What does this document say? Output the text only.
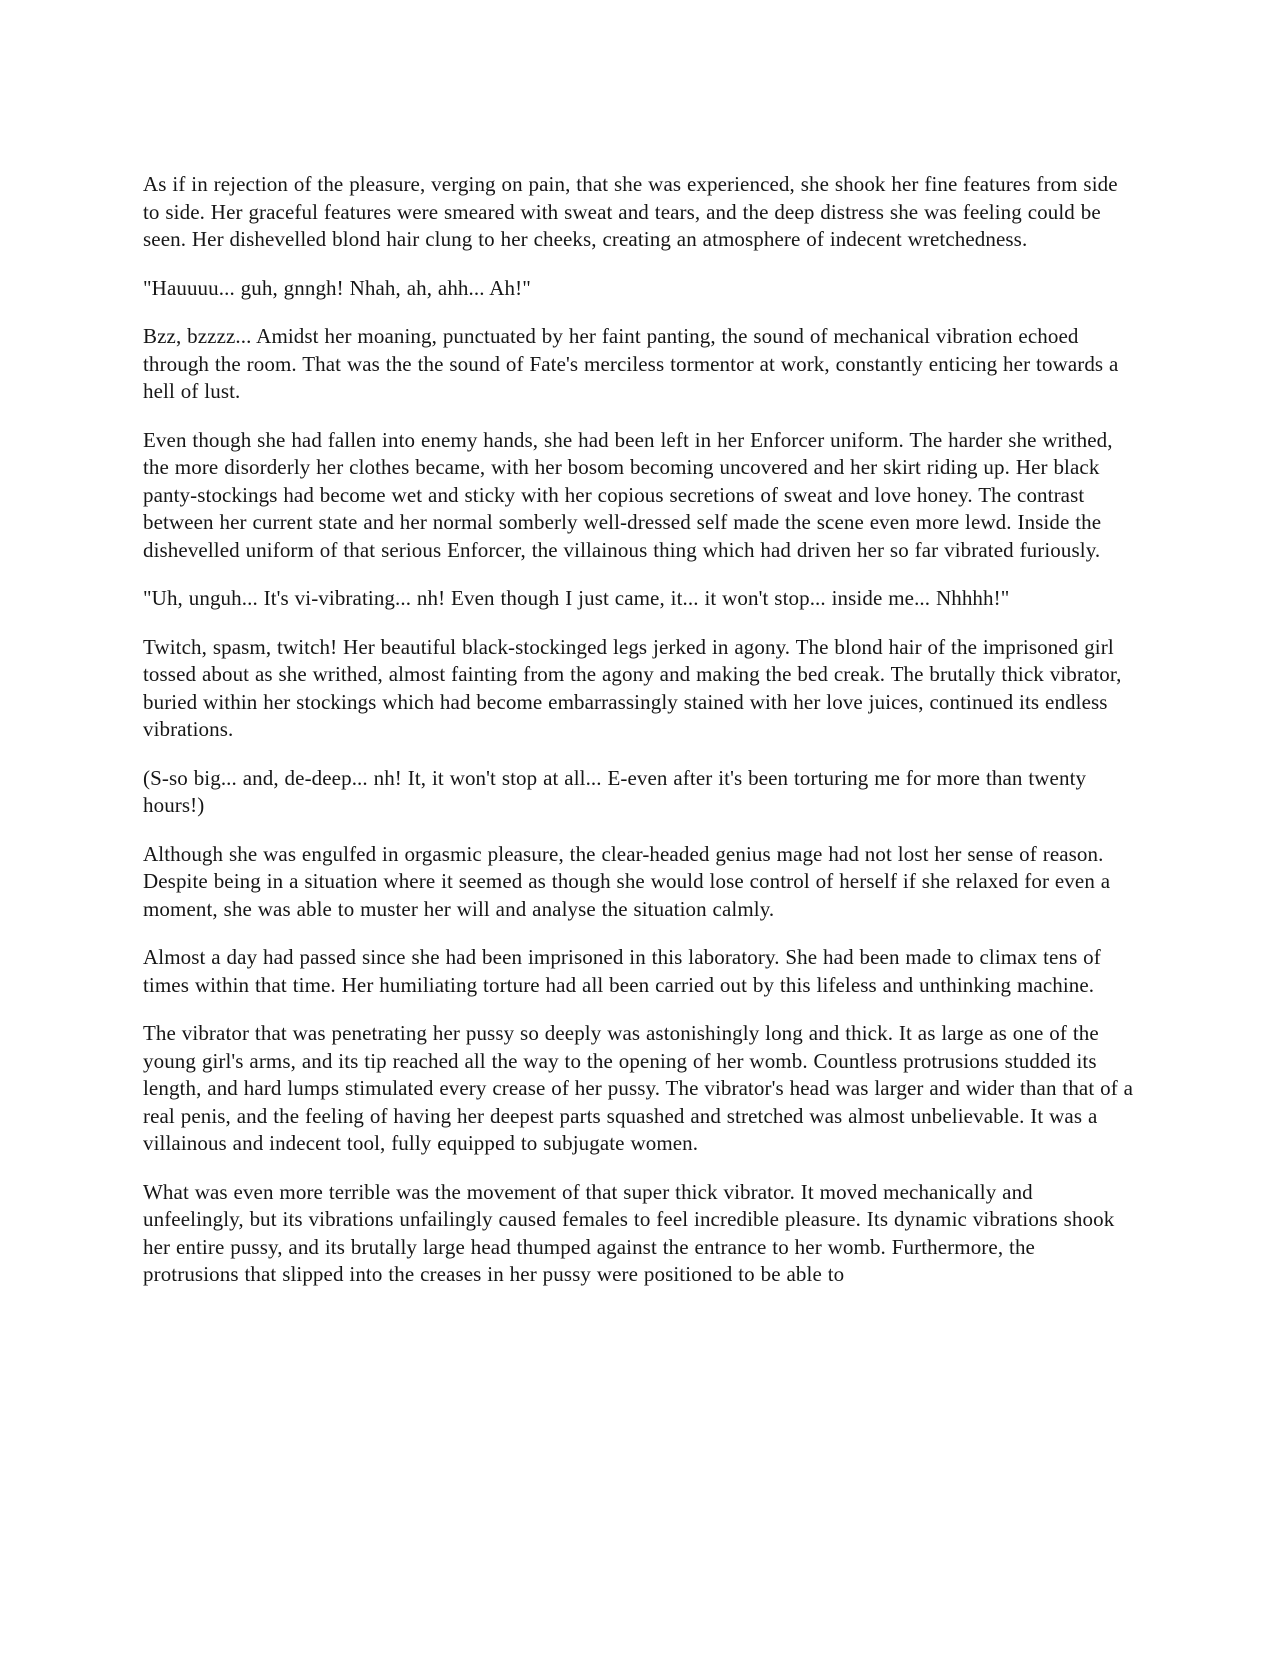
As if in rejection of the pleasure, verging on pain, that she was experienced, she shook her fine features from side to side. Her graceful features were smeared with sweat and tears, and the deep distress she was feeling could be seen. Her dishevelled blond hair clung to her cheeks, creating an atmosphere of indecent wretchedness.

"Hauuuu... guh, gnngh! Nhah, ah, ahh... Ah!"

Bzz, bzzzz... Amidst her moaning, punctuated by her faint panting, the sound of mechanical vibration echoed through the room. That was the the sound of Fate's merciless tormentor at work, constantly enticing her towards a hell of lust.

Even though she had fallen into enemy hands, she had been left in her Enforcer uniform. The harder she writhed, the more disorderly her clothes became, with her bosom becoming uncovered and her skirt riding up. Her black panty-stockings had become wet and sticky with her copious secretions of sweat and love honey. The contrast between her current state and her normal somberly well-dressed self made the scene even more lewd. Inside the dishevelled uniform of that serious Enforcer, the villainous thing which had driven her so far vibrated furiously.

"Uh, unguh... It's vi-vibrating... nh! Even though I just came, it... it won't stop... inside me... Nhhhh!"

Twitch, spasm, twitch! Her beautiful black-stockinged legs jerked in agony. The blond hair of the imprisoned girl tossed about as she writhed, almost fainting from the agony and making the bed creak. The brutally thick vibrator, buried within her stockings which had become embarrassingly stained with her love juices, continued its endless vibrations.

(S-so big... and, de-deep... nh! It, it won't stop at all... E-even after it's been torturing me for more than twenty hours!)

Although she was engulfed in orgasmic pleasure, the clear-headed genius mage had not lost her sense of reason. Despite being in a situation where it seemed as though she would lose control of herself if she relaxed for even a moment, she was able to muster her will and analyse the situation calmly.

Almost a day had passed since she had been imprisoned in this laboratory. She had been made to climax tens of times within that time. Her humiliating torture had all been carried out by this lifeless and unthinking machine.

The vibrator that was penetrating her pussy so deeply was astonishingly long and thick. It as large as one of the young girl's arms, and its tip reached all the way to the opening of her womb. Countless protrusions studded its length, and hard lumps stimulated every crease of her pussy. The vibrator's head was larger and wider than that of a real penis, and the feeling of having her deepest parts squashed and stretched was almost unbelievable. It was a villainous and indecent tool, fully equipped to subjugate women.

What was even more terrible was the movement of that super thick vibrator. It moved mechanically and unfeelingly, but its vibrations unfailingly caused females to feel incredible pleasure. Its dynamic vibrations shook her entire pussy, and its brutally large head thumped against the entrance to her womb. Furthermore, the protrusions that slipped into the creases in her pussy were positioned to be able to
